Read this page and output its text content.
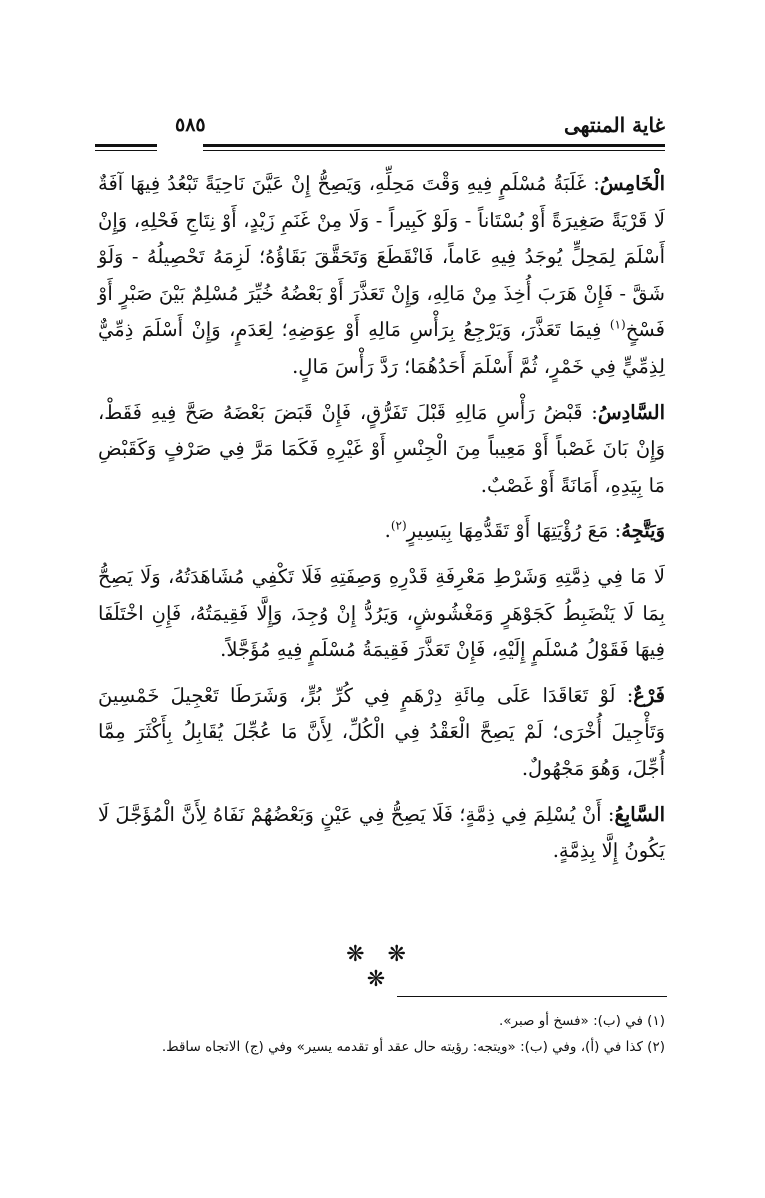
غاية المنتهى
٥٨٥

الْخَامِسُ: غَلَبَةُ مُسْلَمٍ فِيهِ وَقْتَ مَحِلِّهِ، وَيَصِحُّ إِنْ عَيَّنَ نَاحِيَةً تَبْعُدُ فِيهَا آفَةٌ لَا قَرْيَةً صَغِيرَةً أَوْ بُسْتَاناً - وَلَوْ كَبِيراً - وَلَا مِنْ غَنَمِ زَيْدٍ، أَوْ نِتَاجِ فَحْلِهِ، وَإِنْ أَسْلَمَ لِمَحِلٍّ يُوجَدُ فِيهِ عَاماً، فَانْقَطَعَ وَتَحَقَّقَ بَقَاؤُهُ؛ لَزِمَهُ تَحْصِيلُهُ - وَلَوْ شَقَّ - فَإِنْ هَرَبَ أُخِذَ مِنْ مَالِهِ، وَإِنْ تَعَذَّرَ أَوْ بَعْضُهُ خُيِّرَ مُسْلِمٌ بَيْنَ صَبْرٍ أَوْ فَسْخٍ$^{(١)}$ فِيمَا تَعَذَّرَ، وَيَرْجِعُ بِرَأْسِ مَالِهِ أَوْ عِوَضِهِ؛ لِعَدَمٍ، وَإِنْ أَسْلَمَ ذِمِّيٌّ لِذِمِّيٍّ فِي خَمْرٍ، ثُمَّ أَسْلَمَ أَحَدُهُمَا؛ رَدَّ رَأْسَ مَالٍ.

السَّادِسُ: قَبْضُ رَأْسِ مَالِهِ قَبْلَ تَفَرُّقٍ، فَإِنْ قَبَضَ بَعْضَهُ صَحَّ فِيهِ فَقَطْ، وَإِنْ بَانَ غَصْباً أَوْ مَعِيباً مِنَ الْجِنْسِ أَوْ غَيْرِهِ فَكَمَا مَرَّ فِي صَرْفٍ وَكَقَبْضِ مَا بِيَدِهِ، أَمَانَةً أَوْ غَصْبٌ.

وَيَتَّجِهُ: مَعَ رُؤْيَتِهَا أَوْ تَقَدُّمِهَا بِيَسِيرٍ$^{(٢)}$.

لَا مَا فِي ذِمَّتِهِ وَشَرْطِ مَعْرِفَةِ قَدْرِهِ وَصِفَتِهِ فَلَا تَكْفِي مُشَاهَدَتُهُ، وَلَا يَصِحُّ بِمَا لَا يَنْضَبِطُ كَجَوْهَرٍ وَمَغْشُوشٍ، وَيَرُدُّ إِنْ وُجِدَ، وَإِلَّا فَقِيمَتُهُ، فَإِنِ اخْتَلَفَا فِيهَا فَقَوْلُ مُسْلَمٍ إِلَيْهِ، فَإِنْ تَعَذَّرَ فَقِيمَةُ مُسْلَمٍ فِيهِ مُؤَجَّلاً.

فَرْعٌ: لَوْ تَعَاقَدَا عَلَى مِائَةِ دِرْهَمٍ فِي كُرِّ بُرٍّ، وَشَرَطَا تَعْجِيلَ خَمْسِينَ وَتَأْجِيلَ أُخْرَى؛ لَمْ يَصِحَّ الْعَقْدُ فِي الْكُلِّ، لِأَنَّ مَا عُجِّلَ يُقَابِلُ بِأَكْثَرَ مِمَّا أُجِّلَ، وَهُوَ مَجْهُولٌ.

السَّابِعُ: أَنْ يُسْلِمَ فِي ذِمَّةٍ؛ فَلَا يَصِحُّ فِي عَيْنٍ وَبَعْضُهُمْ نَفَاهُ لِأَنَّ الْمُؤَجَّلَ لَا يَكُونُ إِلَّا بِذِمَّةٍ.

❋ ❋ ❋

(١) في (ب): «فسخ أو صبر».

(٢) كذا في (أ)، وفي (ب): «ويتجه: رؤيته حال عقد أو تقدمه يسير» وفي (ج) الاتجاه ساقط.
